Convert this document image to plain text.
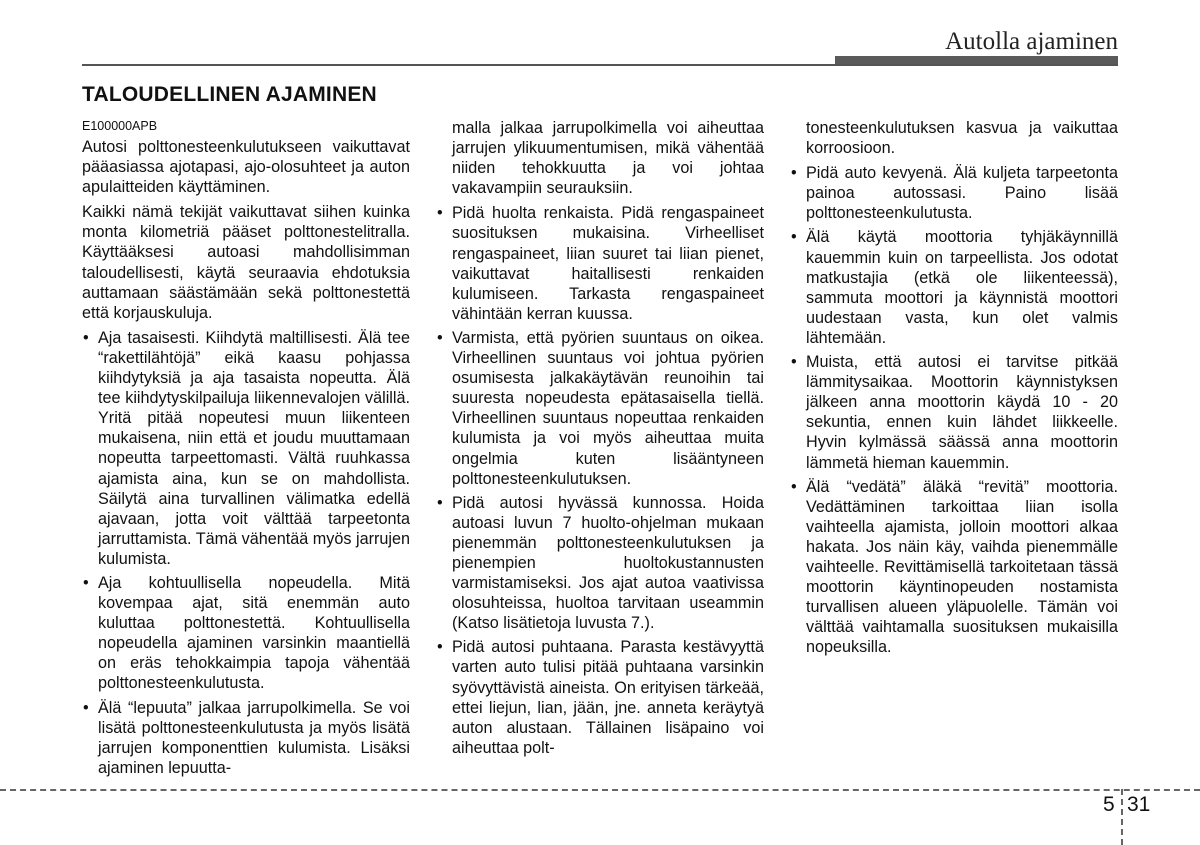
Autolla ajaminen
TALOUDELLINEN AJAMINEN
E100000APB

Autosi polttonesteenkulutukseen vaikuttavat pääasiassa ajotapasi, ajo-olosuhteet ja auton apulaitteiden käyttäminen.

Kaikki nämä tekijät vaikuttavat siihen kuinka monta kilometriä pääset polttonestelitralla. Käyttääksesi autoasi mahdollisimman taloudellisesti, käytä seuraavia ehdotuksia auttamaan säästämään sekä polttonestettä että korjauskuluja.

• Aja tasaisesti. Kiihdytä maltillisesti. Älä tee “rakettilähtöjä” eikä kaasu pohjassa kiihdytyksiä ja aja tasaista nopeutta. Älä tee kiihdytyskilpailuja liikennevalojen välillä. Yritä pitää nopeutesi muun liikenteen mukaisena, niin että et joudu muuttamaan nopeutta tarpeettomasti. Vältä ruuhkassa ajamista aina, kun se on mahdollista. Säilytä aina turvallinen välimatka edellä ajavaan, jotta voit välttää tarpeetonta jarruttamista. Tämä vähentää myös jarrujen kulumista.
• Aja kohtuullisella nopeudella. Mitä kovempaa ajat, sitä enemmän auto kuluttaa polttonestettä. Kohtuullisella nopeudella ajaminen varsinkin maantiellä on eräs tehokkaimpia tapoja vähentää polttonesteenkulutusta.
• Älä “lepuuta” jalkaa jarrupolkimella. Se voi lisätä polttonesteenkulutusta ja myös lisätä jarrujen komponenttien kulumista. Lisäksi ajaminen lepuutta-

malla jalkaa jarrupolkimella voi aiheuttaa jarrujen ylikuumentumisen, mikä vähentää niiden tehokkuutta ja voi johtaa vakavampiin seurauksiin.

• Pidä huolta renkaista. Pidä rengaspaineet suosituksen mukaisina. Virheelliset rengaspaineet, liian suuret tai liian pienet, vaikuttavat haitallisesti renkaiden kulumiseen. Tarkasta rengaspaineet vähintään kerran kuussa.
• Varmista, että pyörien suuntaus on oikea. Virheellinen suuntaus voi johtua pyörien osumisesta jalkakäytävän reunoihin tai suuresta nopeudesta epätasaisella tiellä. Virheellinen suuntaus nopeuttaa renkaiden kulumista ja voi myös aiheuttaa muita ongelmia kuten lisääntyneen polttonesteenkulutuksen.
• Pidä autosi hyvässä kunnossa. Hoida autoasi luvun 7 huolto-ohjelman mukaan pienemmän polttonesteenkulutuksen ja pienempien huoltokustannusten varmistamiseksi. Jos ajat autoa vaativissa olosuhteissa, huoltoa tarvitaan useammin (Katso lisätietoja luvusta 7.).
• Pidä autosi puhtaana. Parasta kestävyyttä varten auto tulisi pitää puhtaana varsinkin syövyttävistä aineista. On erityisen tärkeää, ettei liejun, lian, jään, jne. anneta keräytyä auton alustaan. Tällainen lisäpaino voi aiheuttaa polt-

tonesteenkulutuksen kasvua ja vaikuttaa korroosioon.

• Pidä auto kevyenä. Älä kuljeta tarpeetonta painoa autossasi. Paino lisää polttonesteenkulutusta.
• Älä käytä moottoria tyhjäkäynnillä kauemmin kuin on tarpeellista. Jos odotat matkustajia (etkä ole liikenteessä), sammuta moottori ja käynnistä moottori uudestaan vasta, kun olet valmis lähtemään.
• Muista, että autosi ei tarvitse pitkää lämmitysaikaa. Moottorin käynnistyksen jälkeen anna moottorin käydä 10 - 20 sekuntia, ennen kuin lähdet liikkeelle. Hyvin kylmässä säässä anna moottorin lämmetä hieman kauemmin.
• Älä “vedätä” äläkä “revitä” moottoria. Vedättäminen tarkoittaa liian isolla vaihteella ajamista, jolloin moottori alkaa hakata. Jos näin käy, vaihda pienemmälle vaihteelle. Revittämisellä tarkoitetaan tässä moottorin käyntinopeuden nostamista turvallisen alueen yläpuolelle. Tämän voi välttää vaihtamalla suosituksen mukaisilla nopeuksilla.
5 31
